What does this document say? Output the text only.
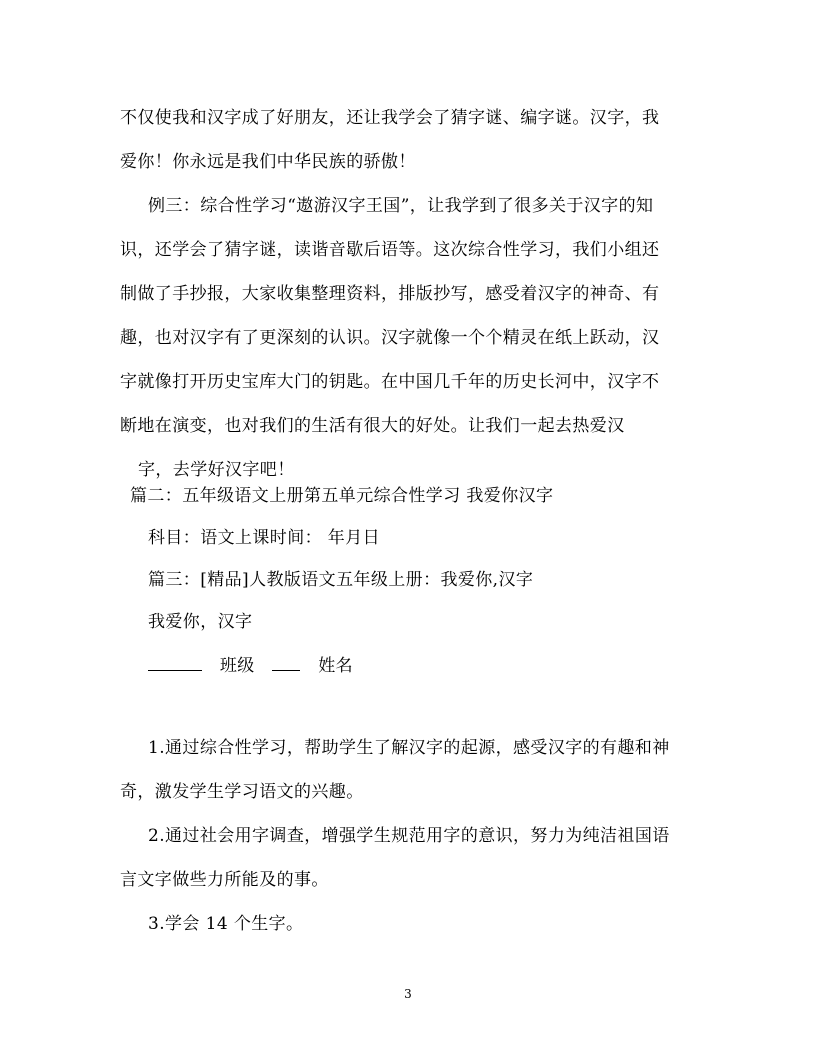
不仅使我和汉字成了好朋友，还让我学会了猜字谜、编字谜。汉字，我
爱你！你永远是我们中华民族的骄傲！
例三：综合性学习“遨游汉字王国”，让我学到了很多关于汉字的知
识，还学会了猜字谜，读谐音歇后语等。这次综合性学习，我们小组还
制做了手抄报，大家收集整理资料，排版抄写，感受着汉字的神奇、有
趣，也对汉字有了更深刻的认识。汉字就像一个个精灵在纸上跃动，汉
字就像打开历史宝库大门的钥匙。在中国几千年的历史长河中，汉字不
断地在演变，也对我们的生活有很大的好处。让我们一起去热爱汉
字，去学好汉字吧！
篇二：五年级语文上册第五单元综合性学习 我爱你汉字
科目：语文上课时间： 年月日
篇三：[精品]人教版语文五年级上册：我爱你,汉字
我爱你，汉字
班级	姓名
1.通过综合性学习，帮助学生了解汉字的起源，感受汉字的有趣和神
奇，激发学生学习语文的兴趣。
2.通过社会用字调查，增强学生规范用字的意识，努力为纯洁祖国语
言文字做些力所能及的事。
3.学会 14 个生字。
3
